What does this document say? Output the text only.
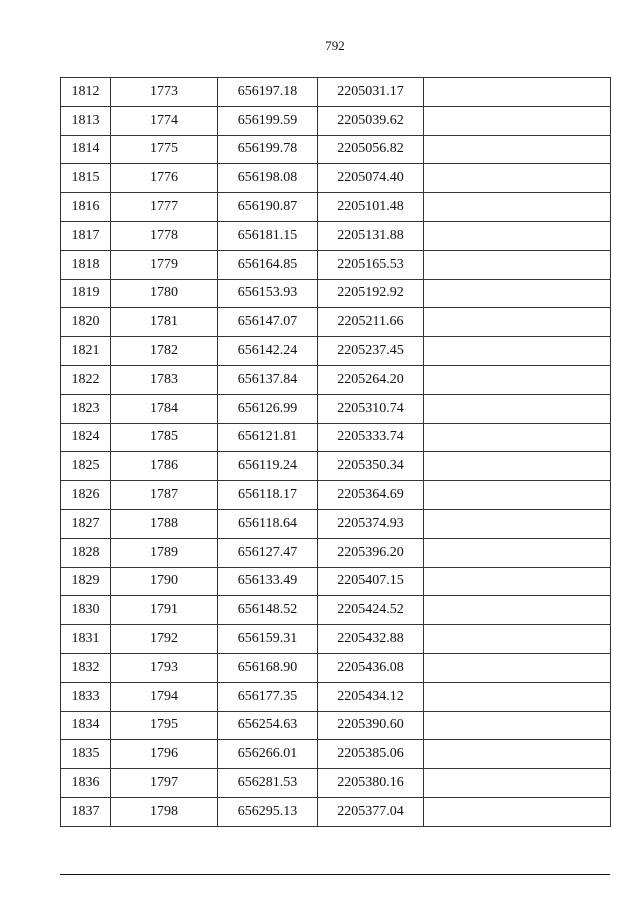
792
1812	1773	656197.18	2205031.17	
1813	1774	656199.59	2205039.62	
1814	1775	656199.78	2205056.82	
1815	1776	656198.08	2205074.40	
1816	1777	656190.87	2205101.48	
1817	1778	656181.15	2205131.88	
1818	1779	656164.85	2205165.53	
1819	1780	656153.93	2205192.92	
1820	1781	656147.07	2205211.66	
1821	1782	656142.24	2205237.45	
1822	1783	656137.84	2205264.20	
1823	1784	656126.99	2205310.74	
1824	1785	656121.81	2205333.74	
1825	1786	656119.24	2205350.34	
1826	1787	656118.17	2205364.69	
1827	1788	656118.64	2205374.93	
1828	1789	656127.47	2205396.20	
1829	1790	656133.49	2205407.15	
1830	1791	656148.52	2205424.52	
1831	1792	656159.31	2205432.88	
1832	1793	656168.90	2205436.08	
1833	1794	656177.35	2205434.12	
1834	1795	656254.63	2205390.60	
1835	1796	656266.01	2205385.06	
1836	1797	656281.53	2205380.16	
1837	1798	656295.13	2205377.04	
